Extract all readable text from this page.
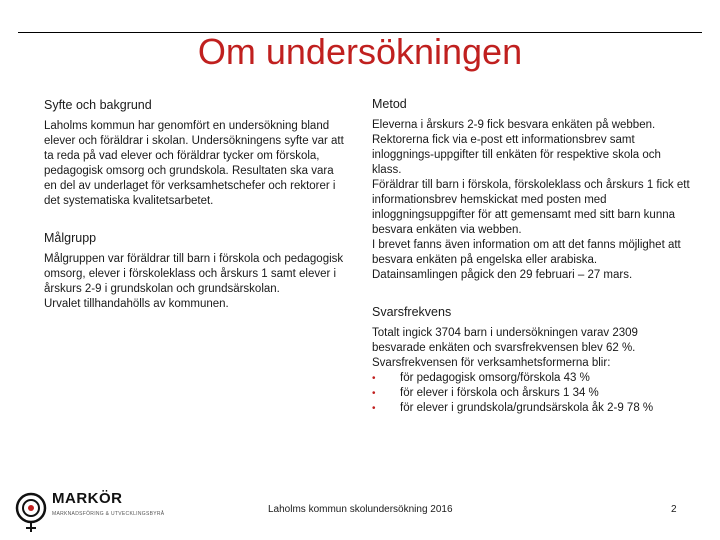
Om undersökningen
Syfte och bakgrund

Laholms kommun har genomfört en undersökning bland elever och föräldrar i skolan. Undersökningens syfte var att ta reda på vad elever och föräldrar tycker om förskola, pedagogisk omsorg och grundskola. Resultaten ska vara en del av underlaget för verksamhetschefer och rektorer i det systematiska kvalitetsarbetet.

Målgrupp

Målgruppen var föräldrar till barn i förskola och pedagogisk omsorg, elever i förskoleklass och årskurs 1 samt elever i årskurs 2-9 i grundskolan och grundsärskolan.

Urvalet tillhandahölls av kommunen.

Metod

Eleverna i årskurs 2-9 fick besvara enkäten på webben. Rektorerna fick via e-post ett informationsbrev samt inloggnings-uppgifter till enkäten för respektive skola och klass.

Föräldrar till barn i förskola, förskoleklass och årskurs 1 fick ett informationsbrev hemskickat med posten med inloggningsuppgifter för att gemensamt med sitt barn kunna besvara enkäten via webben.

I brevet fanns även information om att det fanns möjlighet att besvara enkäten på engelska eller arabiska.

Datainsamlingen pågick den 29 februari – 27 mars.

Svarsfrekvens

Totalt ingick 3704 barn i undersökningen varav 2309 besvarade enkäten och svarsfrekvensen blev 62 %.

Svarsfrekvensen för verksamhetsformerna blir:

• för pedagogisk omsorg/förskola 43 %
• för elever i förskola och årskurs 1 34 %
• för elever i grundskola/grundsärskola åk 2-9 78 %
MARKÖR
MARKNADSFÖRING & UTVECKLINGSBYRÅ	Laholms kommun skolundersökning 2016	2
